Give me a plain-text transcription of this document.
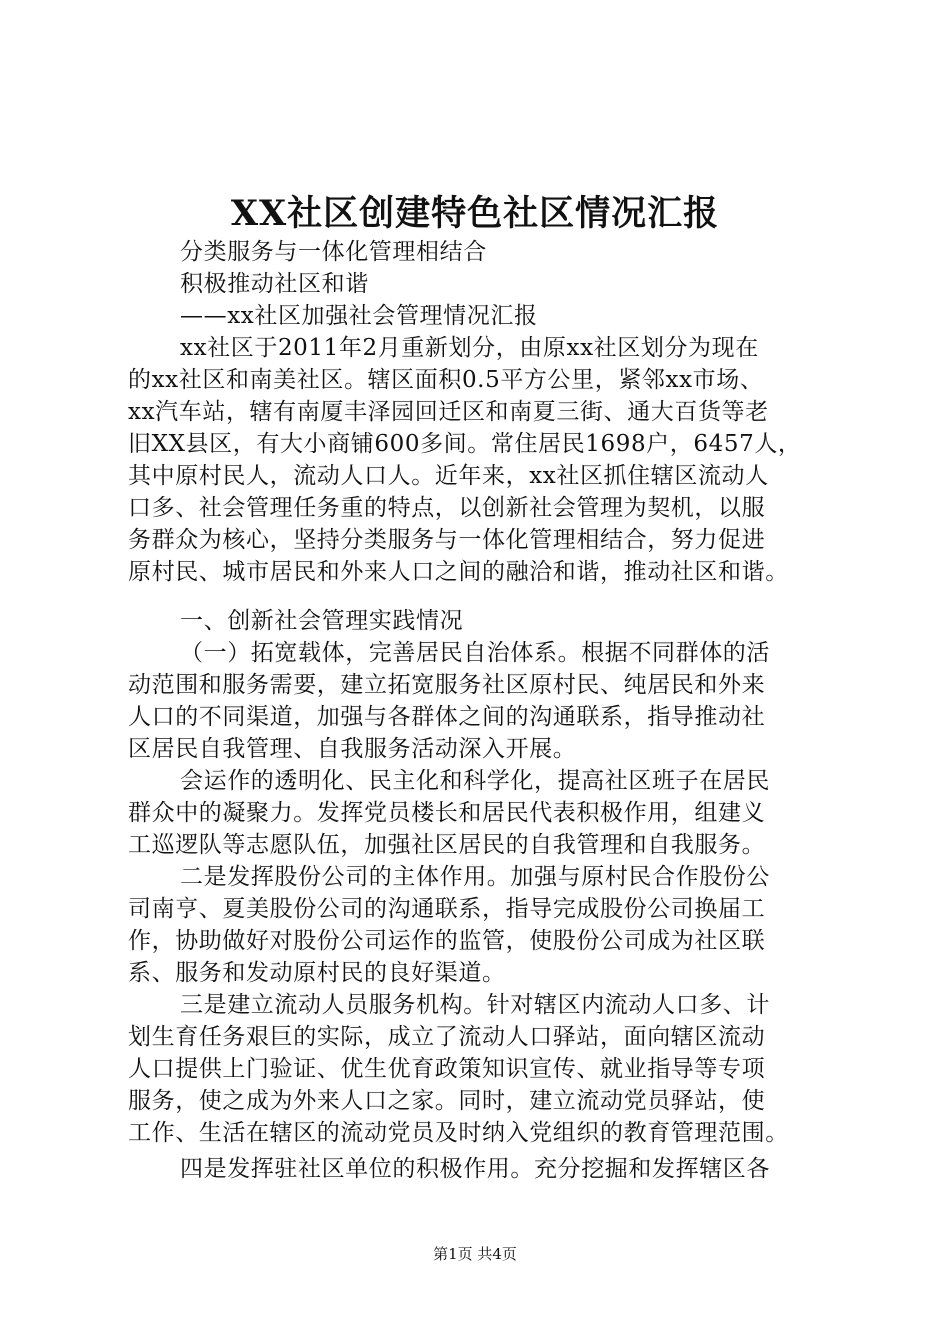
XX社区创建特色社区情况汇报
分类服务与一体化管理相结合
积极推动社区和谐
——xx社区加强社会管理情况汇报
xx社区于2011年2月重新划分，由原xx社区划分为现在
的xx社区和南美社区。辖区面积0.5平方公里，紧邻xx市场、
xx汽车站，辖有南厦丰泽园回迁区和南夏三街、通大百货等老
旧XX县区，有大小商铺600多间。常住居民1698户，6457人，
其中原村民人，流动人口人。近年来，xx社区抓住辖区流动人
口多、社会管理任务重的特点，以创新社会管理为契机，以服
务群众为核心，坚持分类服务与一体化管理相结合，努力促进
原村民、城市居民和外来人口之间的融洽和谐，推动社区和谐。
一、创新社会管理实践情况
（一）拓宽载体，完善居民自治体系。根据不同群体的活
动范围和服务需要，建立拓宽服务社区原村民、纯居民和外来
人口的不同渠道，加强与各群体之间的沟通联系，指导推动社
区居民自我管理、自我服务活动深入开展。
会运作的透明化、民主化和科学化，提高社区班子在居民
群众中的凝聚力。发挥党员楼长和居民代表积极作用，组建义
工巡逻队等志愿队伍，加强社区居民的自我管理和自我服务。
二是发挥股份公司的主体作用。加强与原村民合作股份公
司南亨、夏美股份公司的沟通联系，指导完成股份公司换届工
作，协助做好对股份公司运作的监管，使股份公司成为社区联
系、服务和发动原村民的良好渠道。
三是建立流动人员服务机构。针对辖区内流动人口多、计
划生育任务艰巨的实际，成立了流动人口驿站，面向辖区流动
人口提供上门验证、优生优育政策知识宣传、就业指导等专项
服务，使之成为外来人口之家。同时，建立流动党员驿站，使
工作、生活在辖区的流动党员及时纳入党组织的教育管理范围。
四是发挥驻社区单位的积极作用。充分挖掘和发挥辖区各
第1页 共4页
